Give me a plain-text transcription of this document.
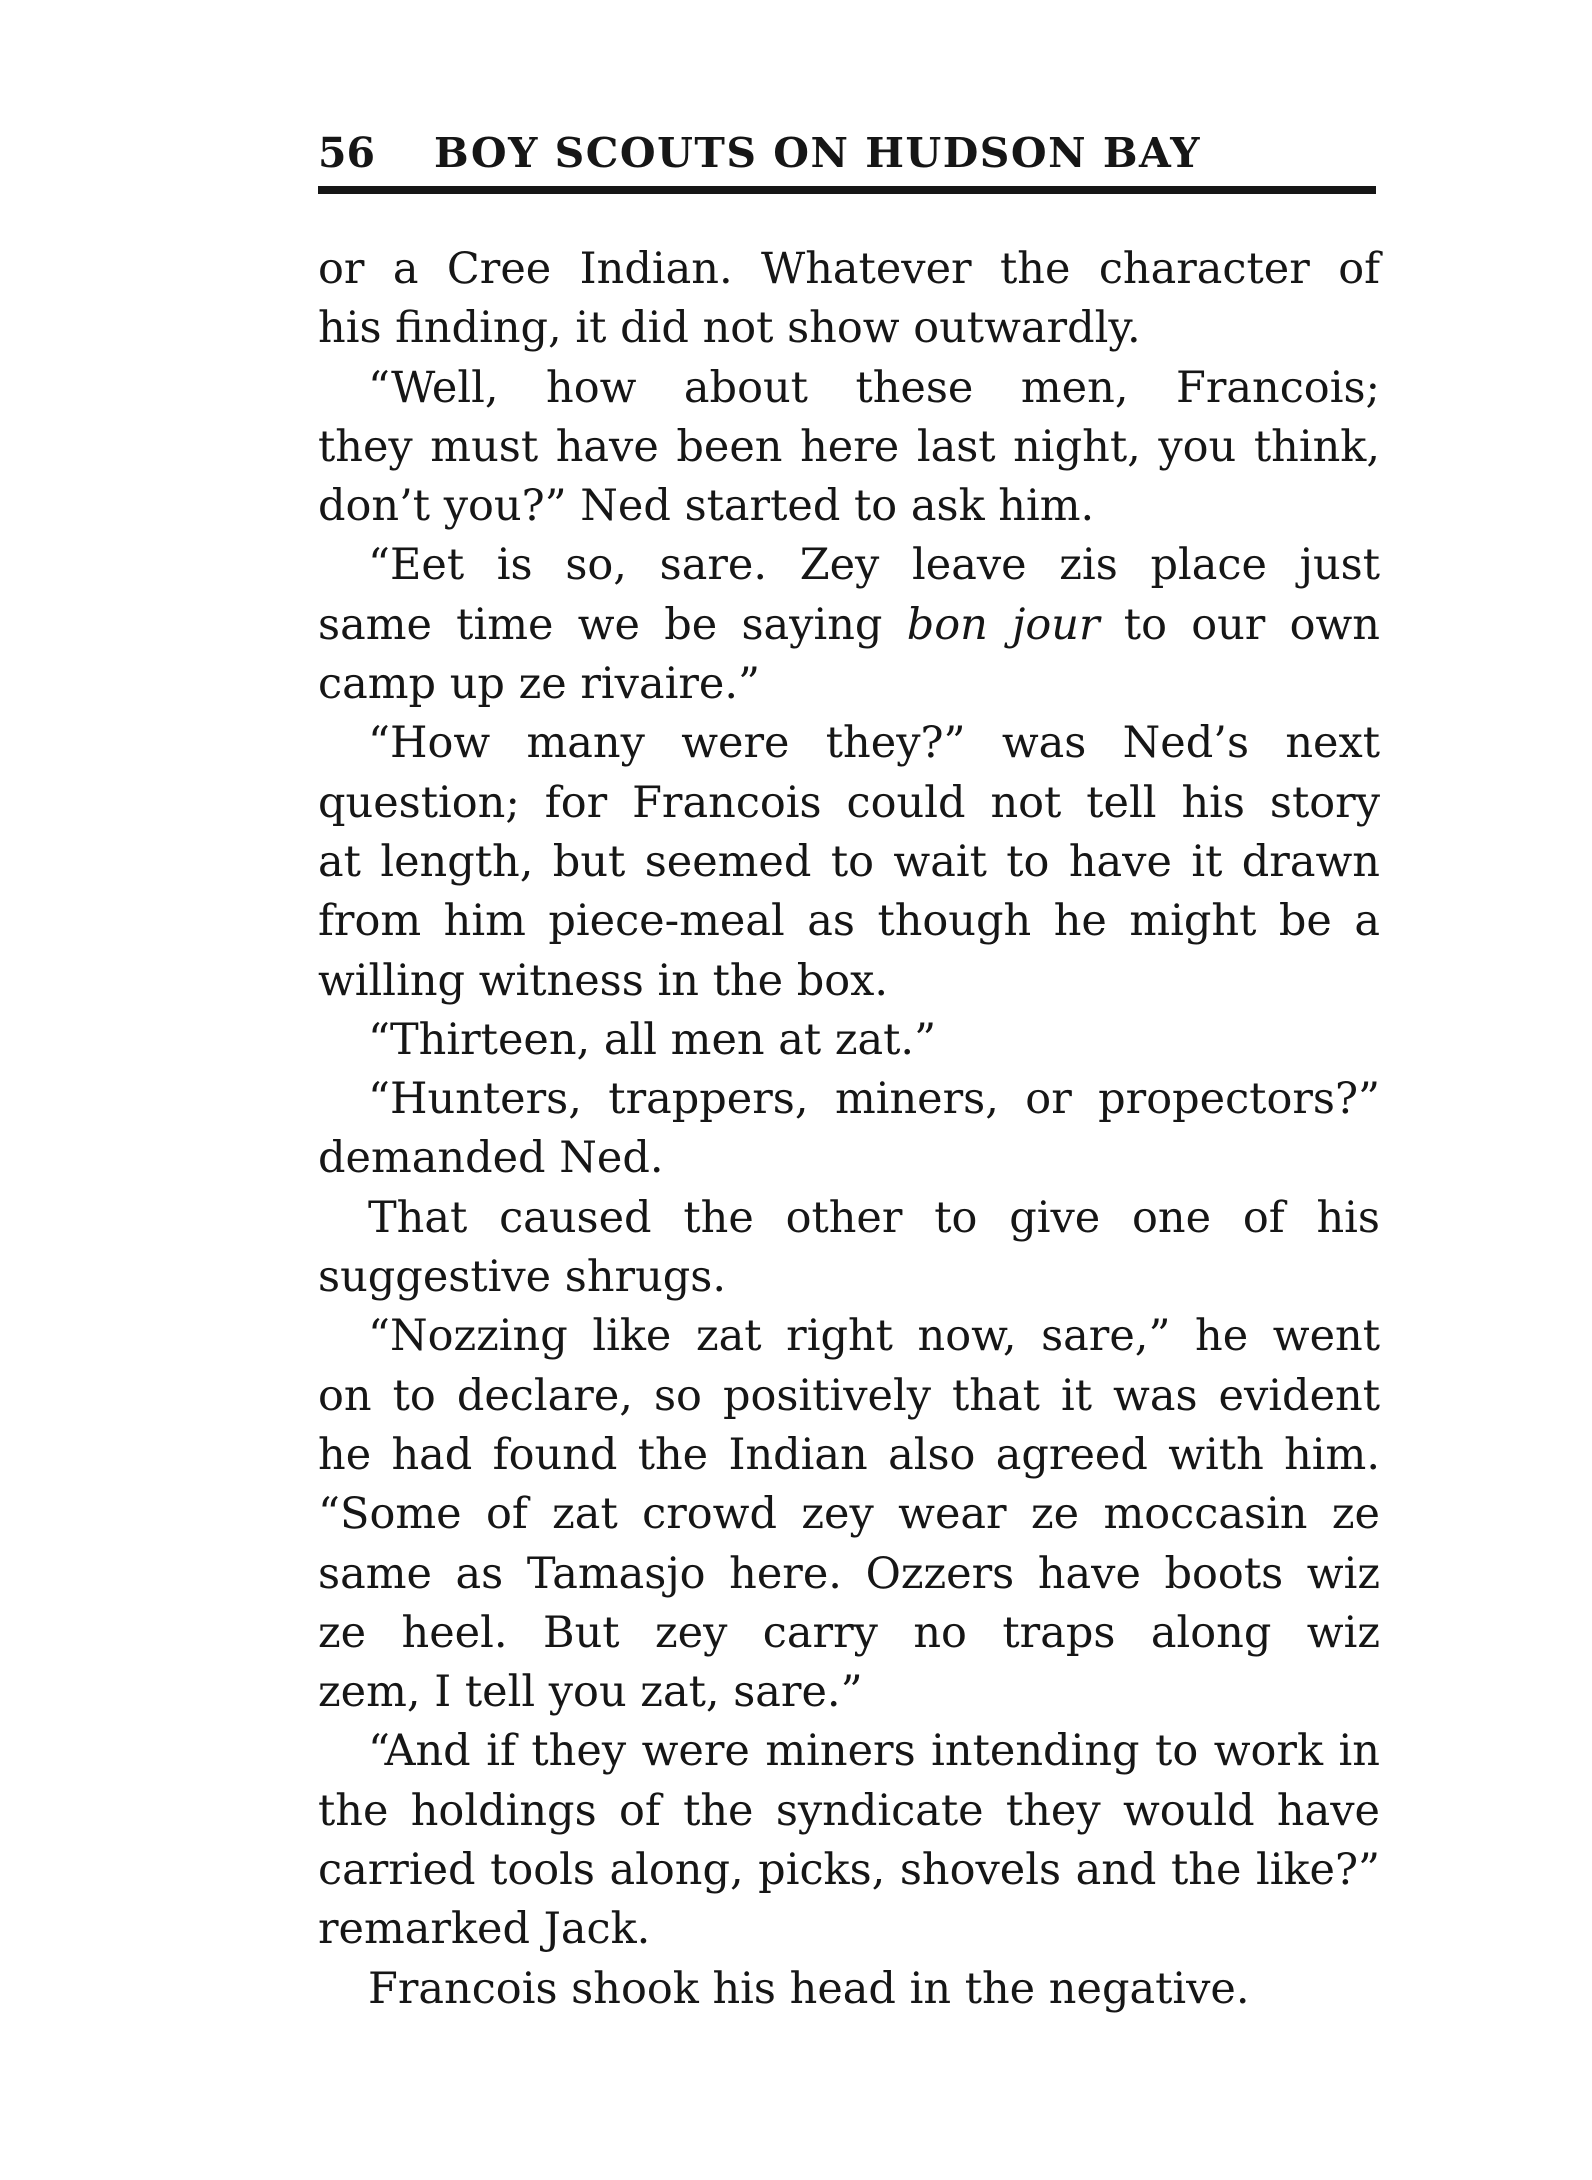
56 BOY SCOUTS ON HUDSON BAY
or a Cree Indian. Whatever the character of
his finding, it did not show outwardly.
“Well, how about these men, Francois;
they must have been here last night, you think,
don’t you?” Ned started to ask him.
“Eet is so, sare. Zey leave zis place just
same time we be saying bon jour to our own
camp up ze rivaire.”
“How many were they?” was Ned’s next
question; for Francois could not tell his story
at length, but seemed to wait to have it drawn
from him piece-meal as though he might be a
willing witness in the box.
“Thirteen, all men at zat.”
“Hunters, trappers, miners, or propectors?”
demanded Ned.
That caused the other to give one of his
suggestive shrugs.
“Nozzing like zat right now, sare,” he went
on to declare, so positively that it was evident
he had found the Indian also agreed with him.
“Some of zat crowd zey wear ze moccasin ze
same as Tamasjo here. Ozzers have boots wiz
ze heel. But zey carry no traps along wiz
zem, I tell you zat, sare.”
“And if they were miners intending to work in
the holdings of the syndicate they would have
carried tools along, picks, shovels and the like?”
remarked Jack.
Francois shook his head in the negative.
